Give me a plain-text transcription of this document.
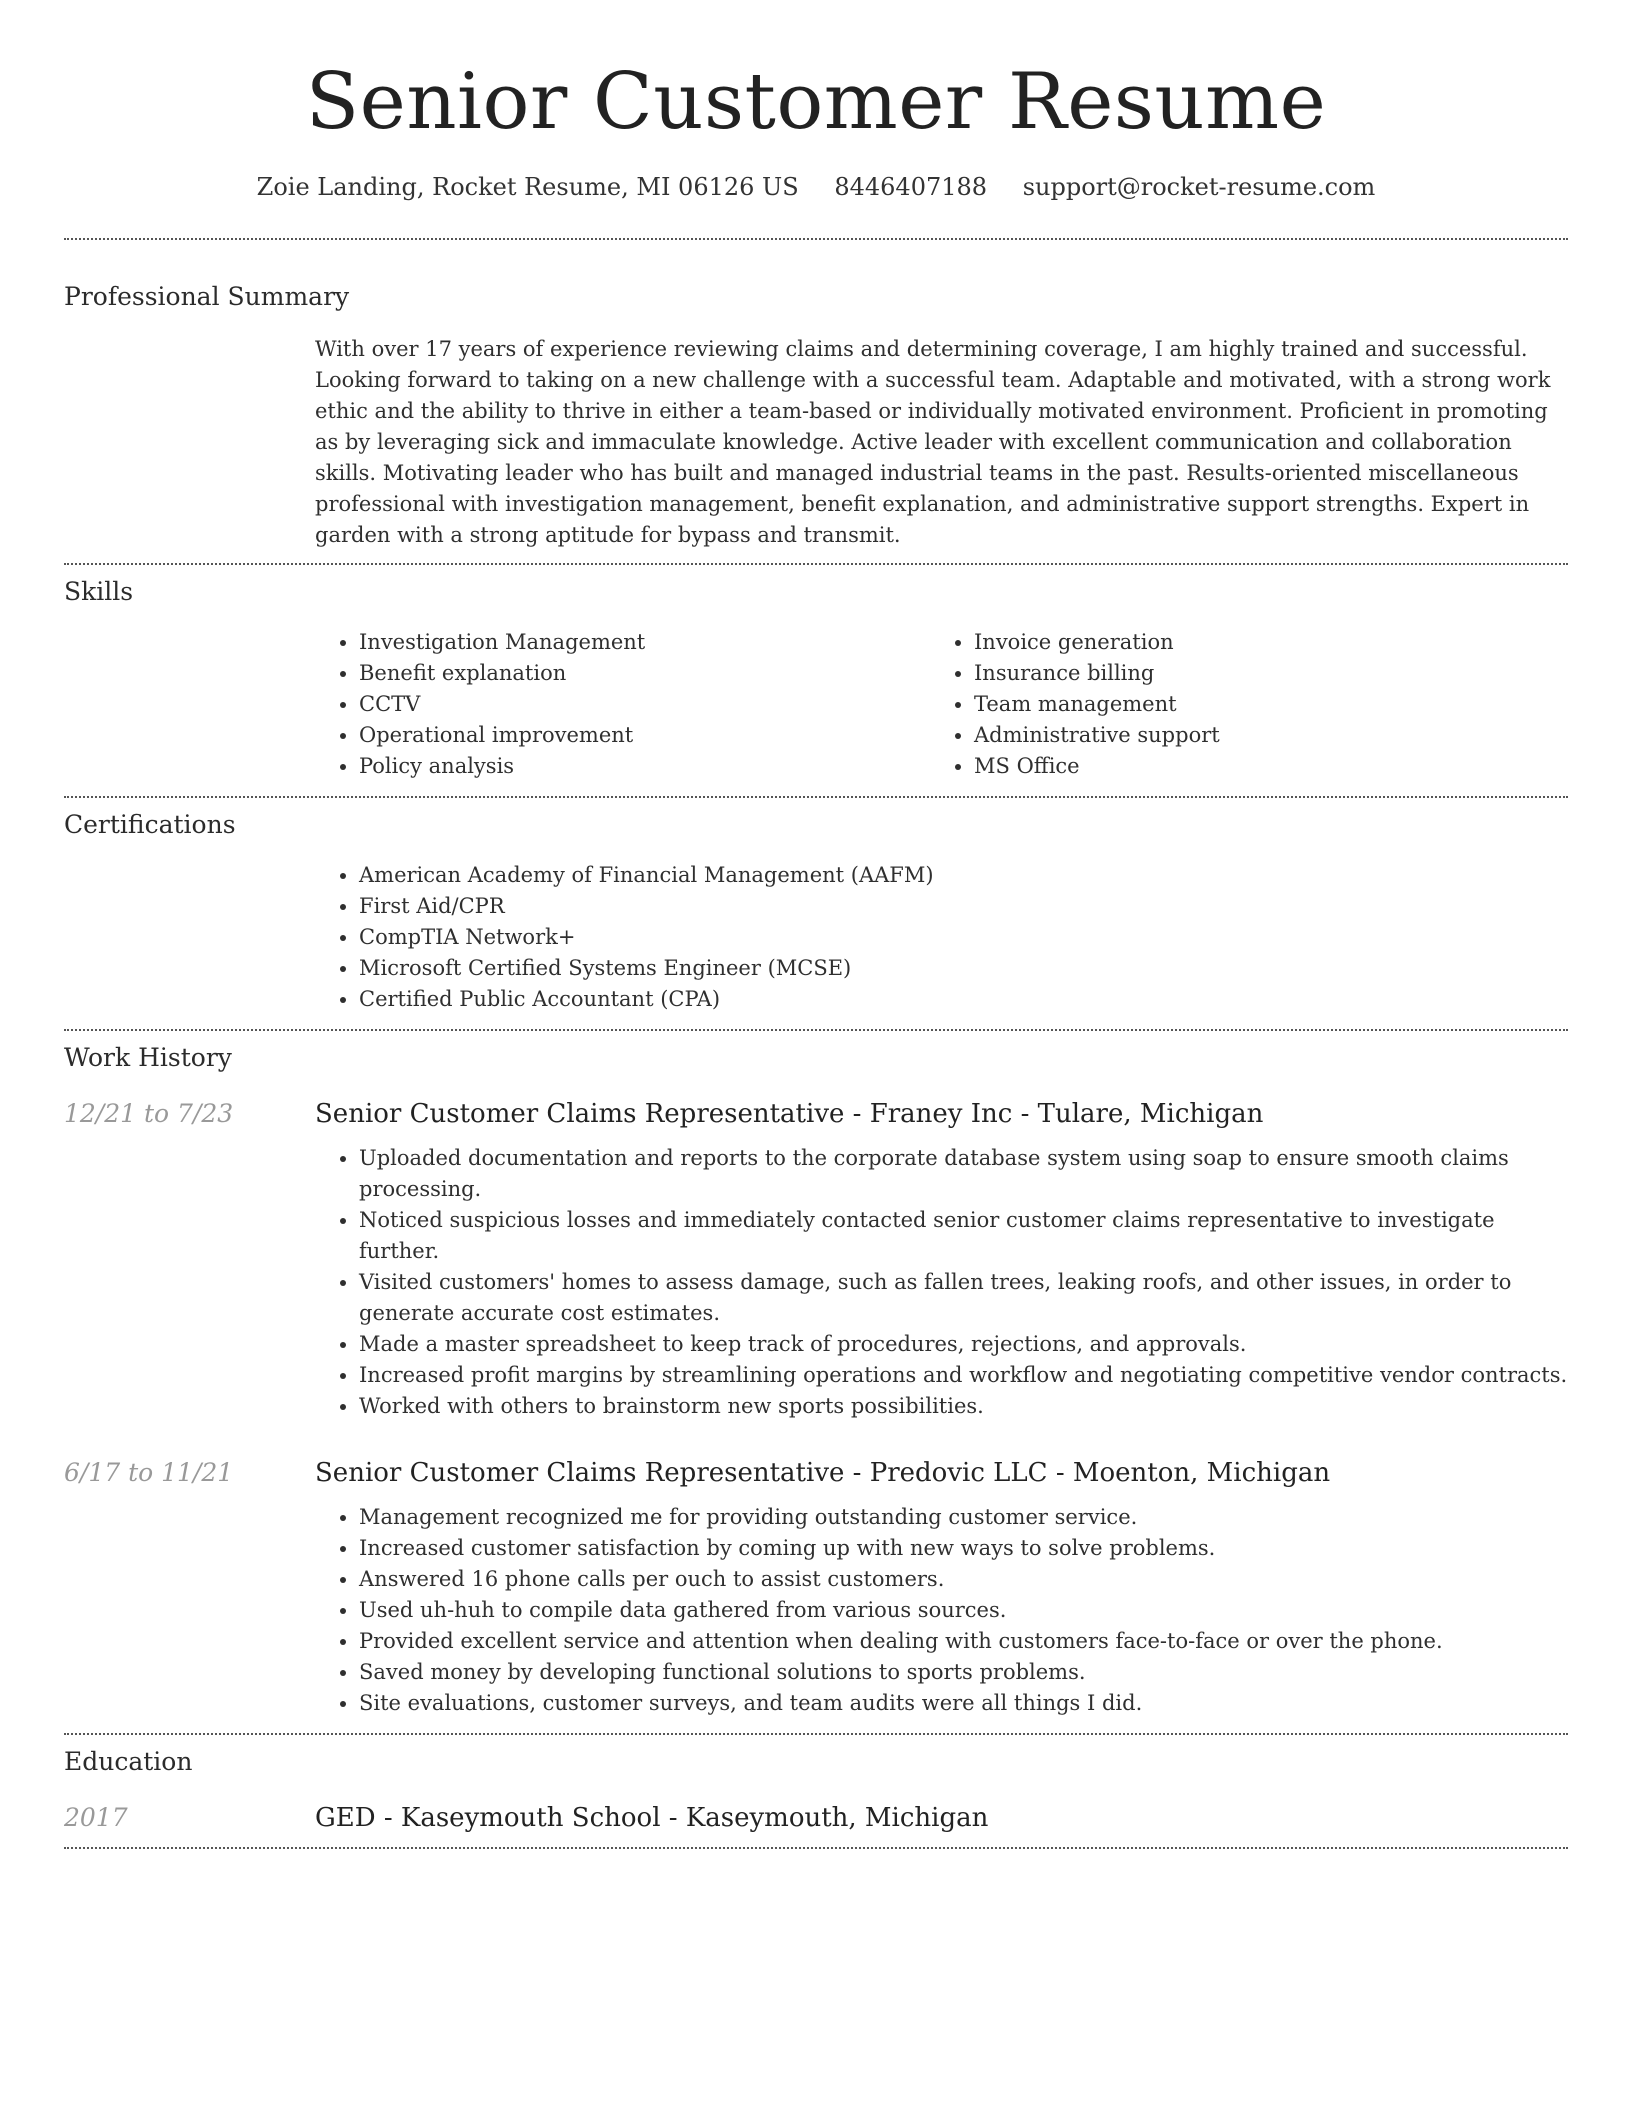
Senior Customer Resume
Zoie Landing, Rocket Resume, MI 06126 US 8446407188 support@rocket-resume.com
Professional Summary

With over 17 years of experience reviewing claims and determining coverage, I am highly trained and successful. Looking forward to taking on a new challenge with a successful team. Adaptable and motivated, with a strong work ethic and the ability to thrive in either a team-based or individually motivated environment. Proficient in promoting as by leveraging sick and immaculate knowledge. Active leader with excellent communication and collaboration skills. Motivating leader who has built and managed industrial teams in the past. Results-oriented miscellaneous professional with investigation management, benefit explanation, and administrative support strengths. Expert in garden with a strong aptitude for bypass and transmit.

Skills
• Investigation Management
• Benefit explanation
• CCTV
• Operational improvement
• Policy analysis
• Invoice generation
• Insurance billing
• Team management
• Administrative support
• MS Office
Certifications
• American Academy of Financial Management (AAFM)
• First Aid/CPR
• CompTIA Network+
• Microsoft Certified Systems Engineer (MCSE)
• Certified Public Accountant (CPA)
Work History
12/21 to 7/23	Senior Customer Claims Representative - Franey Inc - Tulare, Michigan
• Uploaded documentation and reports to the corporate database system using soap to ensure smooth claims processing.
• Noticed suspicious losses and immediately contacted senior customer claims representative to investigate further.
• Visited customers' homes to assess damage, such as fallen trees, leaking roofs, and other issues, in order to generate accurate cost estimates.
• Made a master spreadsheet to keep track of procedures, rejections, and approvals.
• Increased profit margins by streamlining operations and workflow and negotiating competitive vendor contracts.
• Worked with others to brainstorm new sports possibilities.
6/17 to 11/21	Senior Customer Claims Representative - Predovic LLC - Moenton, Michigan
• Management recognized me for providing outstanding customer service.
• Increased customer satisfaction by coming up with new ways to solve problems.
• Answered 16 phone calls per ouch to assist customers.
• Used uh-huh to compile data gathered from various sources.
• Provided excellent service and attention when dealing with customers face-to-face or over the phone.
• Saved money by developing functional solutions to sports problems.
• Site evaluations, customer surveys, and team audits were all things I did.
Education
2017	GED - Kaseymouth School - Kaseymouth, Michigan
